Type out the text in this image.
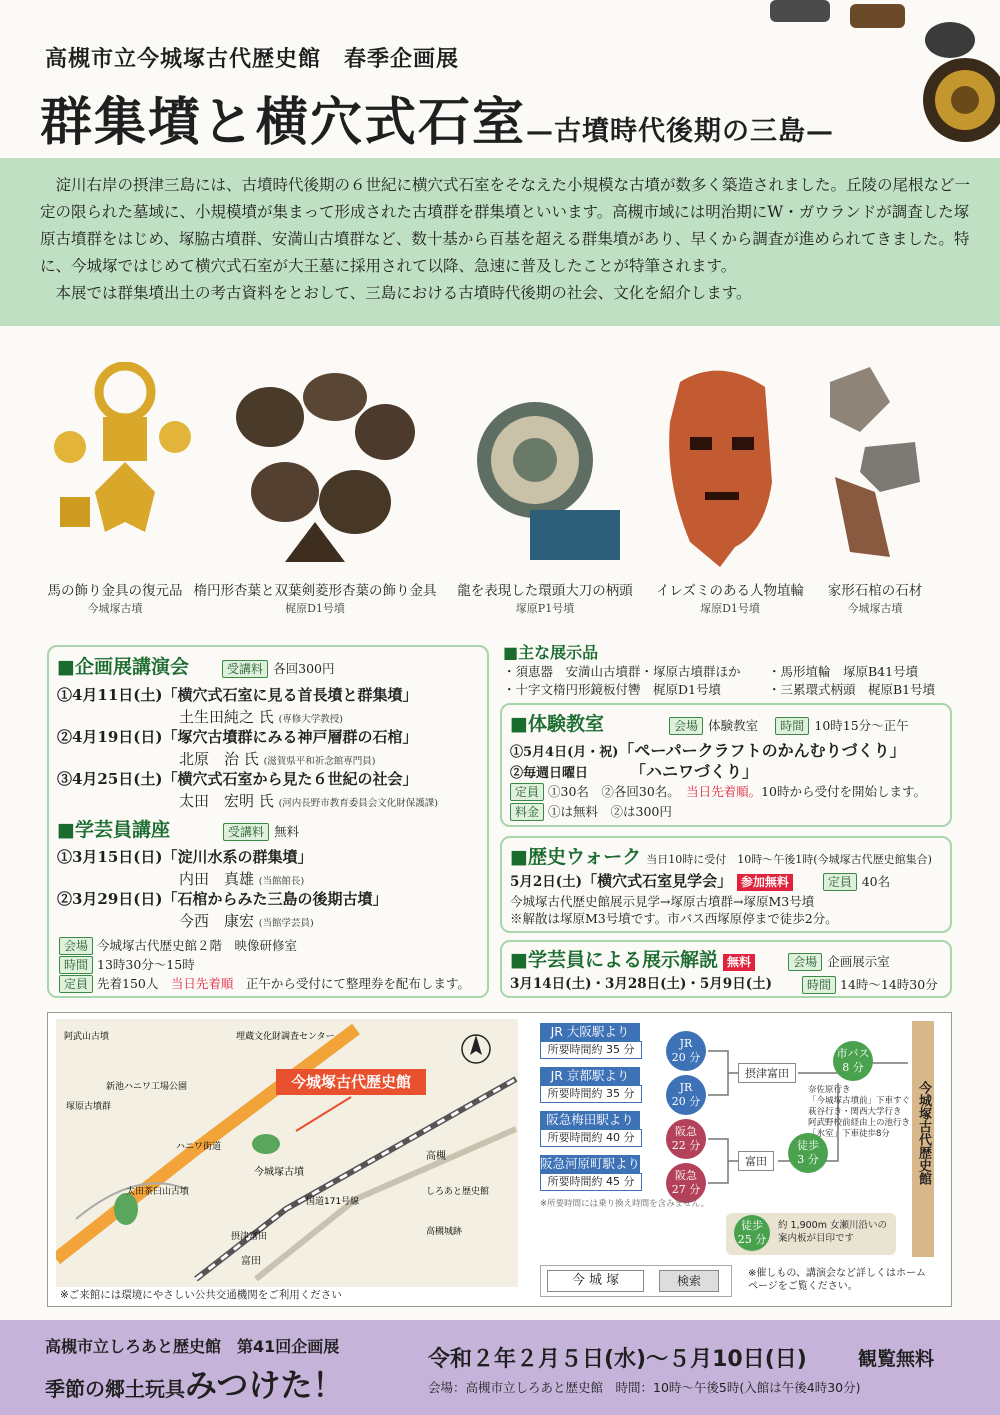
高槻市立今城塚古代歴史館　春季企画展
群集墳と横穴式石室—古墳時代後期の三島—

淀川右岸の摂津三島には、古墳時代後期の６世紀に横穴式石室をそなえた小規模な古墳が数多く築造されました。丘陵の尾根など一定の限られた墓域に、小規模墳が集まって形成された古墳群を群集墳といいます。高槻市域には明治期にW・ガウランドが調査した塚原古墳群をはじめ、塚脇古墳群、安満山古墳群など、数十基から百基を超える群集墳があり、早くから調査が進められてきました。特に、今城塚ではじめて横穴式石室が大王墓に採用されて以降、急速に普及したことが特筆されます。

本展では群集墳出土の考古資料をとおして、三島における古墳時代後期の社会、文化を紹介します。

馬の飾り金具の復元品
今城塚古墳
楕円形杏葉と双葉剣菱形杏葉の飾り金具
梶原D1号墳
龍を表現した環頭大刀の柄頭
塚原P1号墳
イレズミのある人物埴輪
塚原D1号墳
家形石棺の石材
今城塚古墳
■企画展講演会	受講料 各回300円
①4月11日(土)「横穴式石室に見る首長墳と群集墳」
土生田純之 氏 (専修大学教授)
②4月19日(日)「塚穴古墳群にみる神戸層群の石棺」
北原　治 氏 (滋賀県平和祈念館専門員)
③4月25日(土)「横穴式石室から見た６世紀の社会」
太田　宏明 氏 (河内長野市教育委員会文化財保護課)
■学芸員講座	受講料 無料
①3月15日(日)「淀川水系の群集墳」
内田　真雄 (当館館長)
②3月29日(日)「石棺からみた三島の後期古墳」
今西　康宏 (当館学芸員)
会場 今城塚古代歴史館２階　映像研修室
時間 13時30分～15時
定員 先着150人　 当日先着順　 正午から受付にて整理券を配布します。
■主な展示品
・須恵器　安満山古墳群・塚原古墳群ほか ・馬形埴輪　塚原B41号墳
・十字文楕円形鏡板付轡　梶原D1号墳	・三累環式柄頭　梶原B1号墳
■体験教室	会場 体験教室 時間 10時15分～正午
①5月4日(月・祝)「ペーパークラフトのかんむりづくり」
②毎週日曜日	「ハニワづくり」
定員 ①30名　②各回30名。　 当日先着順。10時から受付を開始します。
料金 ①は無料　②は300円
■歴史ウォーク 当日10時に受付　10時～午後1時(今城塚古代歴史館集合)
5月2日(土)「横穴式石室見学会」 参加無料　　	定員 40名
今城塚古代歴史館展示見学→塚原古墳群→塚原M3号墳
※解散は塚原M3号墳です。市バス西塚原停まで徒歩2分。
■学芸員による展示解説 無料	会場 企画展示室
3月14日(土)・3月28日(土)・5月9日(土)	時間 14時～14時30分
今城塚古代歴史館
今城塚古墳
しろあと歴史館
高槻城跡
富田
摂津富田
新池ハニワ工場公園
塚原古墳群
阿武山古墳
太田茶臼山古墳
埋蔵文化財調査センター
ハニワ街道
高槻
国道171号線
※ご来館には環境にやさしい公共交通機関をご利用ください
JR 大阪駅より
所要時間約 35 分
JR 京都駅より
所要時間約 35 分
阪急梅田駅より
所要時間約 40 分
阪急河原町駅より
所要時間約 45 分
JR
20 分
JR
20 分
阪急
22 分
阪急
27 分
摂津富田
富田
市バス
8 分
徒歩
3 分
奈佐原行き
「今城塚古墳前」下車すぐ
萩谷行き・関西大学行き
阿武野校前経由上の池行き
「氷室」下車徒歩8分
※所要時間には乗り換え時間を含みません。
徒歩
25 分
約 1,900m 女瀬川沿いの案内板が目印です
今城塚古代歴史館
今 城 塚	検索
※催しもの、講演会など詳しくはホームページをご覧ください。
高槻市立しろあと歴史館　第41回企画展
季節の郷土玩具みつけた！
令和２年２月５日(水)～５月10日(日)	観覧無料
会場：高槻市立しろあと歴史館　時間：10時～午後5時(入館は午後4時30分)
